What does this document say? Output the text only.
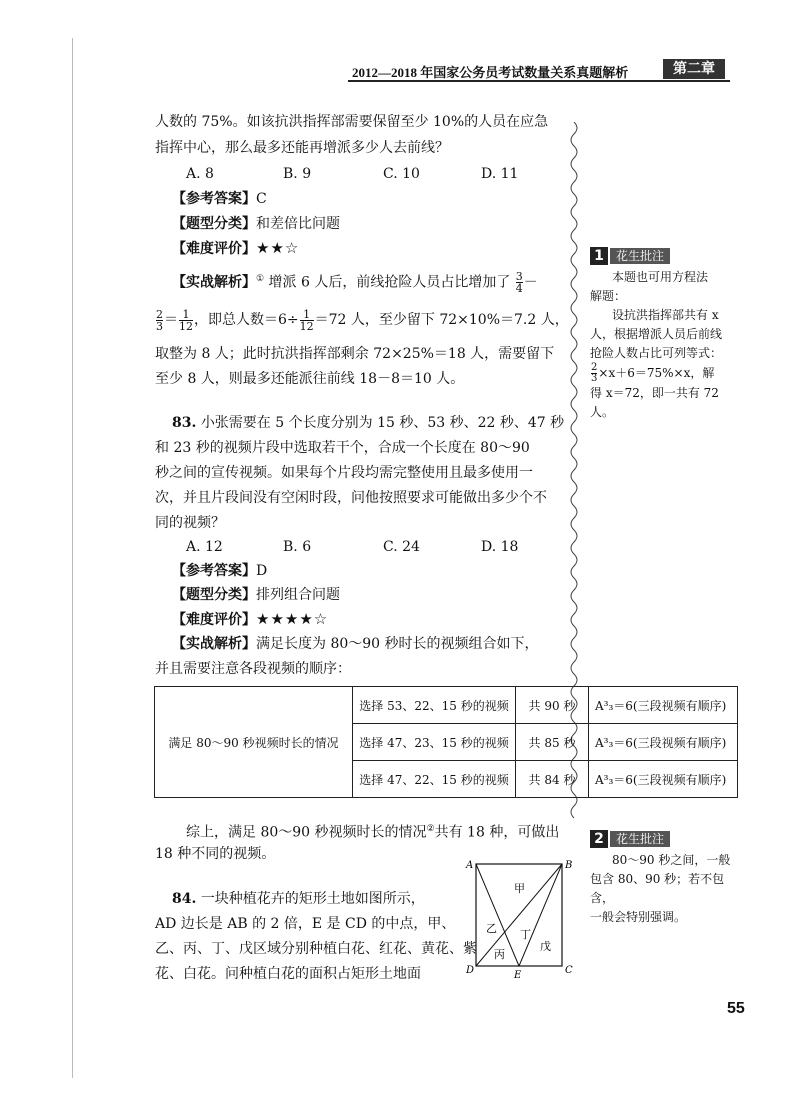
2012—2018 年国家公务员考试数量关系真题解析	第二章
人数的 75%。如该抗洪指挥部需要保留至少 10%的人员在应急
指挥中心，那么最多还能再增派多少人去前线？
A. 8	B. 9	C. 10	D. 11
【参考答案】C
【题型分类】和差倍比问题
【难度评价】★★☆
【实战解析】① 增派 6 人后，前线抢险人员占比增加了 $\frac{3}{4}$ －
$\frac{2}{3} = \frac{1}{12}$ ，即总人数$=6\div \frac{1}{12} =72$ 人，至少留下 72×10%＝7.2 人，
取整为 8 人；此时抗洪指挥部剩余 72×25%＝18 人，需要留下
至少 8 人，则最多还能派往前线 18－8＝10 人。
83. 小张需要在 5 个长度分别为 15 秒、53 秒、22 秒、47 秒
和 23 秒的视频片段中选取若干个，合成一个长度在 80～90
秒之间的宣传视频。如果每个片段均需完整使用且最多使用一
次，并且片段间没有空闲时段，问他按照要求可能做出多少个不
同的视频？
A. 12	B. 6	C. 24	D. 18
【参考答案】D
【题型分类】排列组合问题
【难度评价】★★★★☆
【实战解析】满足长度为 80～90 秒时长的视频组合如下，
并且需要注意各段视频的顺序：
满足 80～90 秒视频时长的情况	选择 53、22、15 秒的视频	共 90 秒	A³₃＝6(三段视频有顺序)
	选择 47、23、15 秒的视频	共 85 秒	A³₃＝6(三段视频有顺序)
	选择 47、22、15 秒的视频	共 84 秒	A³₃＝6(三段视频有顺序)
综上，满足 80～90 秒视频时长的情况②共有 18 种，可做出
18 种不同的视频。
84. 一块种植花卉的矩形土地如图所示，
AD 边长是 AB 的 2 倍，E 是 CD 的中点，甲、
乙、丙、丁、戊区域分别种植白花、红花、黄花、紫
花、白花。问种植白花的面积占矩形土地面
A	B
C
D	E
甲
乙
丙
丁
戊
1	花生批注
本题也可用方程法
解题：
设抗洪指挥部共有 x
人，根据增派人员后前线
抢险人数占比可列等式：
$\frac{2}{3} \times x+6=75\%\times x$，解
得 x＝72，即一共有 72 人。
2	花生批注
80～90 秒之间，一般
包含 80、90 秒；若不包含，
一般会特别强调。
55
